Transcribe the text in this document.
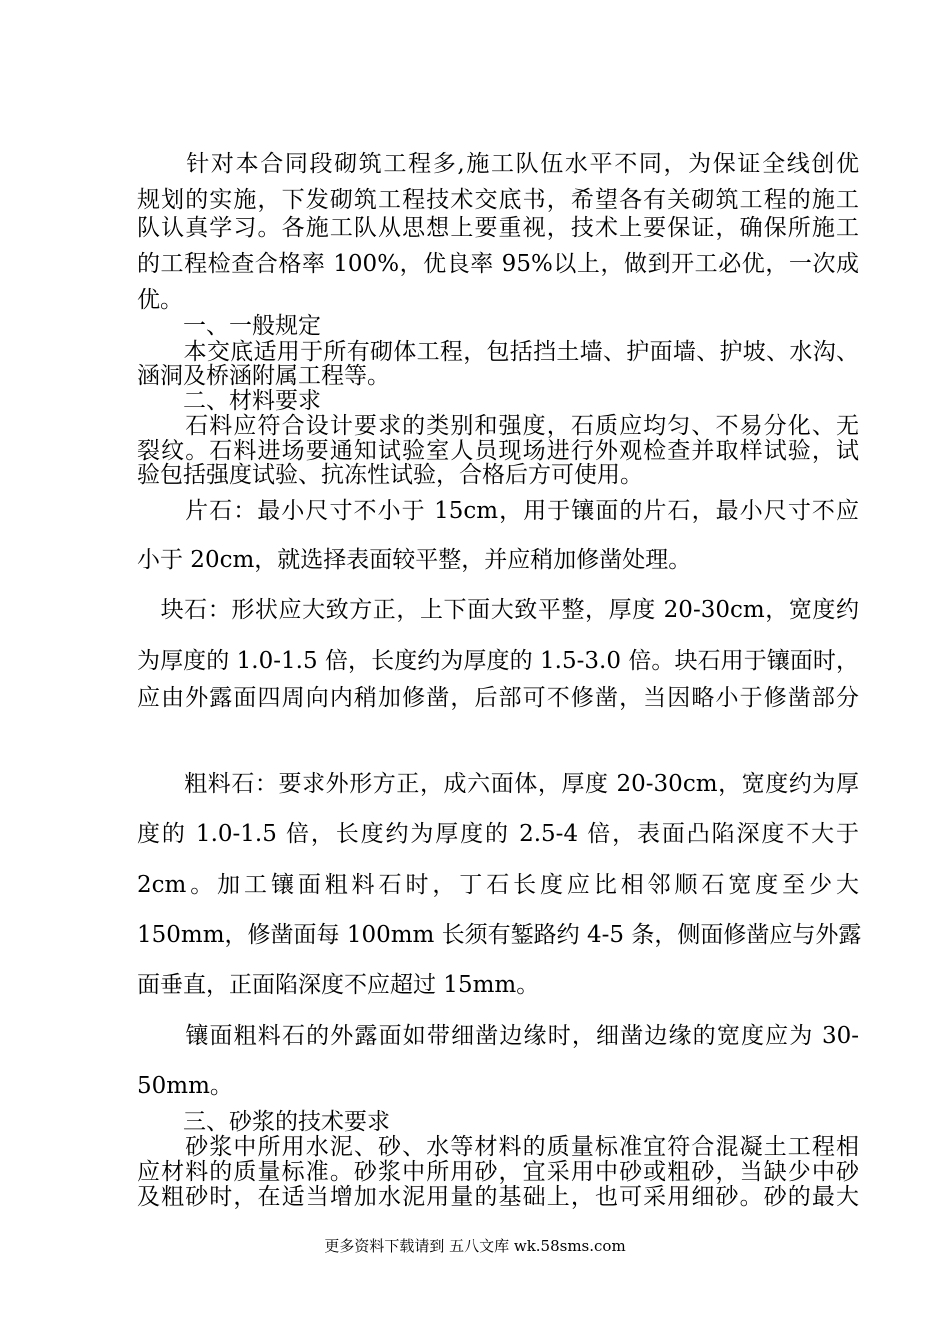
　　针对本合同段砌筑工程多,施工队伍水平不同，为保证全线创优
规划的实施，下发砌筑工程技术交底书，希望各有关砌筑工程的施工
队认真学习。各施工队从思想上要重视，技术上要保证，确保所施工
的工程检查合格率 100%，优良率 95%以上，做到开工必优，一次成
优。
　　一、一般规定
　　本交底适用于所有砌体工程，包括挡土墙、护面墙、护坡、水沟、
涵洞及桥涵附属工程等。
　　二、材料要求
　　石料应符合设计要求的类别和强度，石质应均匀、不易分化、无
裂纹。石料进场要通知试验室人员现场进行外观检查并取样试验，试
验包括强度试验、抗冻性试验，合格后方可使用。
　　片石：最小尺寸不小于 15cm，用于镶面的片石，最小尺寸不应
小于 20cm，就选择表面较平整，并应稍加修凿处理。
　块石：形状应大致方正，上下面大致平整，厚度 20-30cm，宽度约
为厚度的 1.0-1.5 倍，长度约为厚度的 1.5-3.0 倍。块石用于镶面时，
应由外露面四周向内稍加修凿，后部可不修凿，当因略小于修凿部分
　　粗料石：要求外形方正，成六面体，厚度 20-30cm，宽度约为厚
度的 1.0-1.5 倍，长度约为厚度的 2.5-4 倍，表面凸陷深度不大于
2cm。加工镶面粗料石时，丁石长度应比相邻顺石宽度至少大
150mm，修凿面每 100mm 长须有錾路约 4-5 条，侧面修凿应与外露
面垂直，正面陷深度不应超过 15mm。
　　镶面粗料石的外露面如带细凿边缘时，细凿边缘的宽度应为 30-
50mm。
　　三、砂浆的技术要求
　　砂浆中所用水泥、砂、水等材料的质量标准宜符合混凝土工程相
应材料的质量标准。砂浆中所用砂，宜采用中砂或粗砂，当缺少中砂
及粗砂时，在适当增加水泥用量的基础上，也可采用细砂。砂的最大
更多资料下载请到 五八文库 wk.58sms.com
